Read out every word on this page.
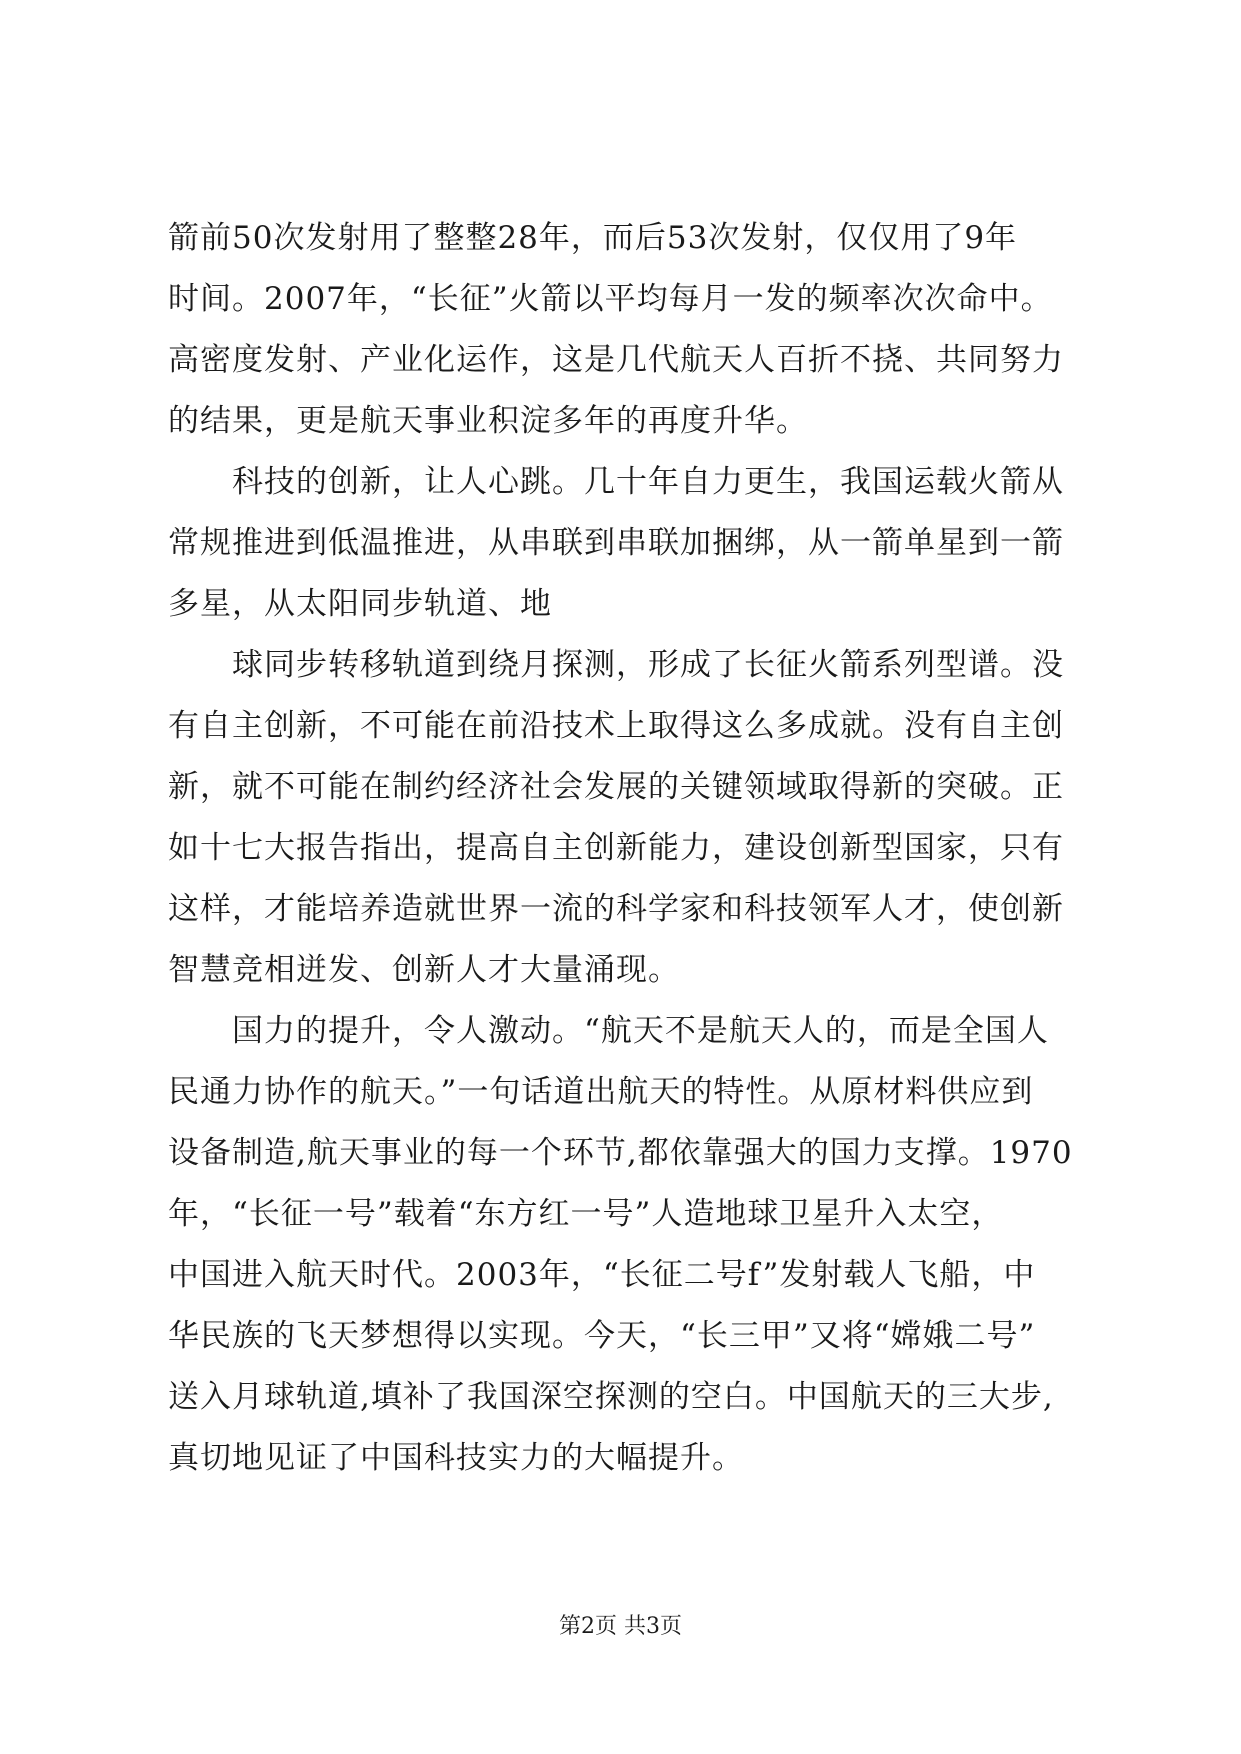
箭前50次发射用了整整28年，而后53次发射，仅仅用了9年
时间。2007年，“长征”火箭以平均每月一发的频率次次命中。
高密度发射、产业化运作，这是几代航天人百折不挠、共同努力
的结果，更是航天事业积淀多年的再度升华。
科技的创新，让人心跳。几十年自力更生，我国运载火箭从
常规推进到低温推进，从串联到串联加捆绑，从一箭单星到一箭
多星，从太阳同步轨道、地
球同步转移轨道到绕月探测，形成了长征火箭系列型谱。没
有自主创新，不可能在前沿技术上取得这么多成就。没有自主创
新，就不可能在制约经济社会发展的关键领域取得新的突破。正
如十七大报告指出，提高自主创新能力，建设创新型国家，只有
这样，才能培养造就世界一流的科学家和科技领军人才，使创新
智慧竞相迸发、创新人才大量涌现。
国力的提升，令人激动。“航天不是航天人的，而是全国人
民通力协作的航天。”一句话道出航天的特性。从原材料供应到
设备制造,航天事业的每一个环节,都依靠强大的国力支撑。1970
年，“长征一号”载着“东方红一号”人造地球卫星升入太空，
中国进入航天时代。2003年，“长征二号f”发射载人飞船，中
华民族的飞天梦想得以实现。今天，“长三甲”又将“嫦娥二号”
送入月球轨道,填补了我国深空探测的空白。中国航天的三大步,
真切地见证了中国科技实力的大幅提升。
第2页 共3页
